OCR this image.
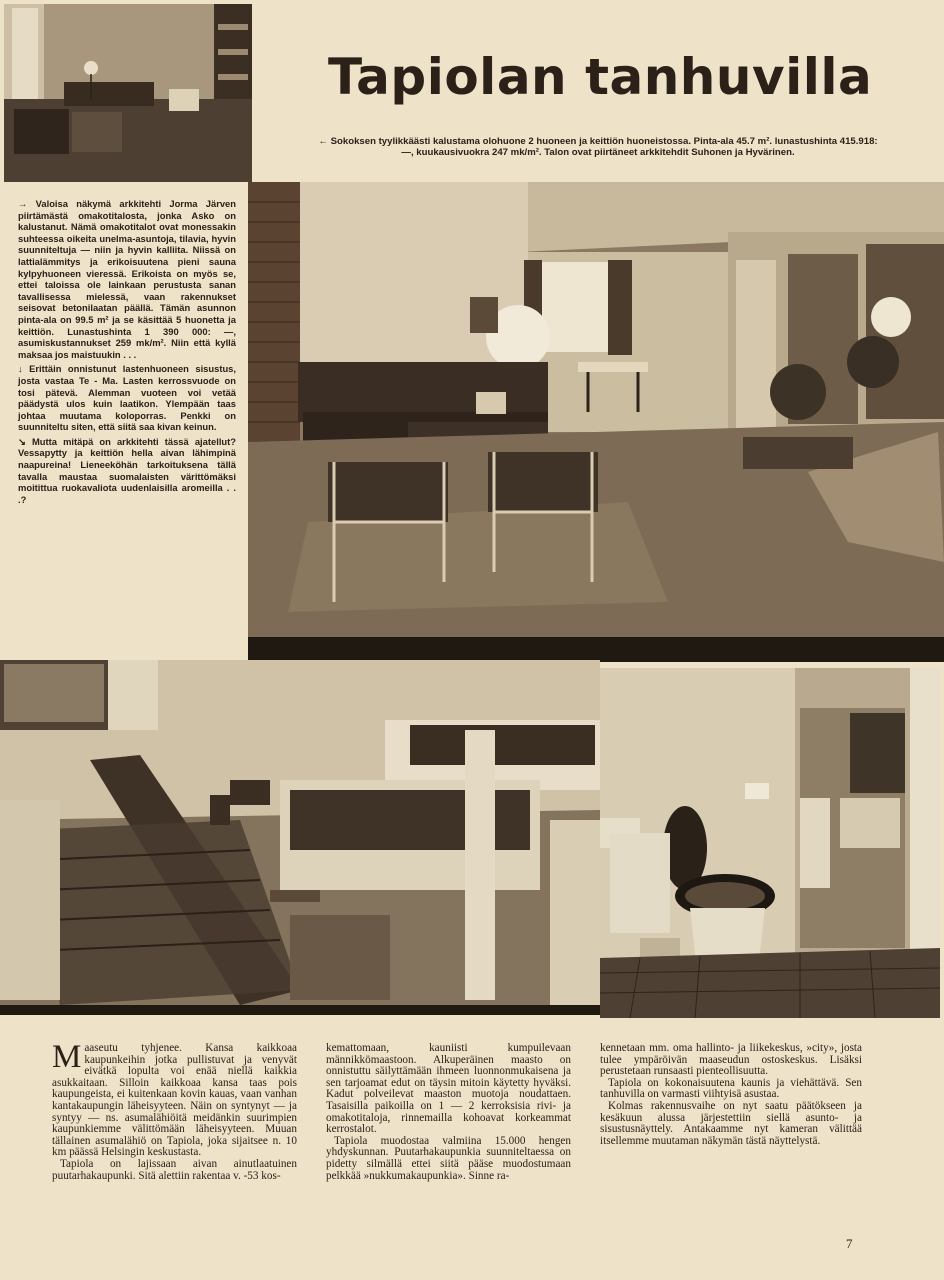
Tapiolan tanhuvilla
← Sokoksen tyylikkäästi kalustama olohuone 2 huoneen ja keittiön huoneistossa. Pinta-ala 45.7 m². lunastushinta 415.918: —, kuukausivuokra 247 mk/m². Talon ovat piirtäneet arkkitehdit Suhonen ja Hyvärinen.

→ Valoisa näkymä arkkitehti Jorma Järven piirtämästä omakotitalosta, jonka Asko on kalustanut. Nämä omakotitalot ovat monessakin suhteessa oikeita unelma-asuntoja, tilavia, hyvin suunniteltuja — niin ja hyvin kalliita. Niissä on lattialämmitys ja erikoisuutena pieni sauna kylpyhuoneen vieressä. Erikoista on myös se, ettei taloissa ole lainkaan perustusta sanan tavallisessa mielessä, vaan rakennukset seisovat betonilaatan päällä. Tämän asunnon pinta-ala on 99.5 m² ja se käsittää 5 huonetta ja keittiön. Lunastushinta 1 390 000: —, asumiskustannukset 259 mk/m². Niin että kyllä maksaa jos maistuukin . . .

↓ Erittäin onnistunut lastenhuoneen sisustus, josta vastaa Te - Ma. Lasten kerrossvuode on tosi pätevä. Alemman vuoteen voi vetää päädystä ulos kuin laatikon. Ylempään taas johtaa muutama koloporras. Penkki on suunniteltu siten, että siitä saa kivan keinun.

↘ Mutta mitäpä on arkkitehti tässä ajatellut? Vessapytty ja keittiön hella aivan lähimpinä naapureina! Lieneeköhän tarkoituksena tällä tavalla maustaa suomalaisten värittömäksi moitittua ruokavaliota uudenlaisilla aromeilla . . .?

Maaseutu tyhjenee. Kansa kaikkoaa kaupunkeihin jotka pullistuvat ja venyvät eivätkä lopulta voi enää niellä kaikkia asukkaitaan. Silloin kaikkoaa kansa taas pois kaupungeista, ei kuitenkaan kovin kauas, vaan vanhan kantakaupungin läheisyyteen. Näin on syntynyt — ja syntyy — ns. asumalähiöitä meidänkin suurimpien kaupunkiemme välittömään läheisyyteen. Muuan tällainen asumalähiö on Tapiola, joka sijaitsee n. 10 km päässä Helsingin keskustasta.

Tapiola on lajissaan aivan ainutlaatuinen puutarhakaupunki. Sitä alettiin rakentaa v. -53 kos-

kemattomaan, kauniisti kumpuilevaan männikkömaastoon. Alkuperäinen maasto on onnistuttu säilyttämään ihmeen luonnonmukaisena ja sen tarjoamat edut on täysin mitoin käytetty hyväksi. Kadut polveilevat maaston muotoja noudattaen. Tasaisilla paikoilla on 1 — 2 kerroksisia rivi- ja omakotitaloja, rinnemailla kohoavat korkeammat kerrostalot.

Tapiola muodostaa valmiina 15.000 hengen yhdyskunnan. Puutarhakaupunkia suunniteltaessa on pidetty silmällä ettei siitä pääse muodostumaan pelkkää »nukkumakaupunkia». Sinne ra-

kennetaan mm. oma hallinto- ja liikekeskus, »city», josta tulee ympäröivän maaseudun ostoskeskus. Lisäksi perustetaan runsaasti pienteollisuutta.

Tapiola on kokonaisuutena kaunis ja viehättävä. Sen tanhuvilla on varmasti viihtyisä asustaa.

Kolmas rakennusvaihe on nyt saatu päätökseen ja kesäkuun alussa järjestettiin siellä asunto- ja sisustusnäyttely. Antakaamme nyt kameran välittää itsellemme muutaman näkymän tästä näyttelystä.

7
